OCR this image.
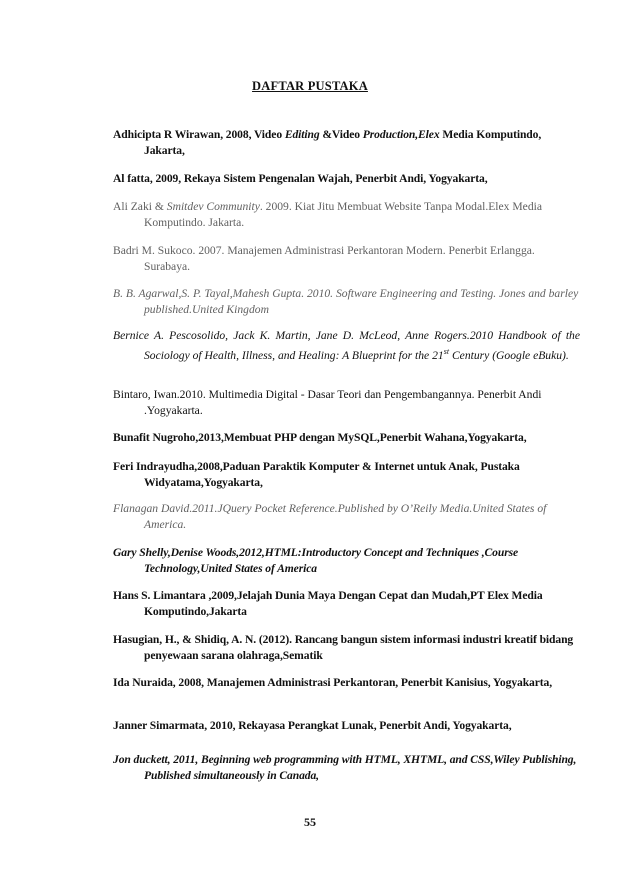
DAFTAR PUSTAKA
Adhicipta R Wirawan, 2008, Video Editing &Video Production,Elex Media Komputindo, Jakarta,
Al fatta, 2009, Rekaya Sistem Pengenalan Wajah, Penerbit Andi, Yogyakarta,
Ali Zaki & Smitdev Community. 2009. Kiat Jitu Membuat Website Tanpa Modal.Elex Media Komputindo. Jakarta.
Badri M. Sukoco. 2007. Manajemen Administrasi Perkantoran Modern. Penerbit Erlangga. Surabaya.
B. B. Agarwal,S. P. Tayal,Mahesh Gupta. 2010. Software Engineering and Testing. Jones and barley published.United Kingdom
Bernice A. Pescosolido, Jack K. Martin, Jane D. McLeod, Anne Rogers.2010 Handbook of the Sociology of Health, Illness, and Healing: A Blueprint for the 21st Century (Google eBuku).
Bintaro, Iwan.2010. Multimedia Digital - Dasar Teori dan Pengembangannya. Penerbit Andi .Yogyakarta.
Bunafit Nugroho,2013,Membuat PHP dengan MySQL,Penerbit Wahana,Yogyakarta,
Feri Indrayudha,2008,Paduan Paraktik Komputer & Internet untuk Anak, Pustaka Widyatama,Yogyakarta,
Flanagan David.2011.JQuery Pocket Reference.Published by O’Reily Media.United States of America.
Gary Shelly,Denise Woods,2012,HTML:Introductory Concept and Techniques ,Course Technology,United States of America
Hans S. Limantara ,2009,Jelajah Dunia Maya Dengan Cepat dan Mudah,PT Elex Media Komputindo,Jakarta
Hasugian, H., & Shidiq, A. N. (2012). Rancang bangun sistem informasi industri kreatif bidang penyewaan sarana olahraga,Sematik
Ida Nuraida, 2008, Manajemen Administrasi Perkantoran, Penerbit Kanisius, Yogyakarta,
Janner Simarmata, 2010, Rekayasa Perangkat Lunak, Penerbit Andi, Yogyakarta,
Jon duckett, 2011, Beginning web programming with HTML, XHTML, and CSS,Wiley Publishing, Published simultaneously in Canada,
55
